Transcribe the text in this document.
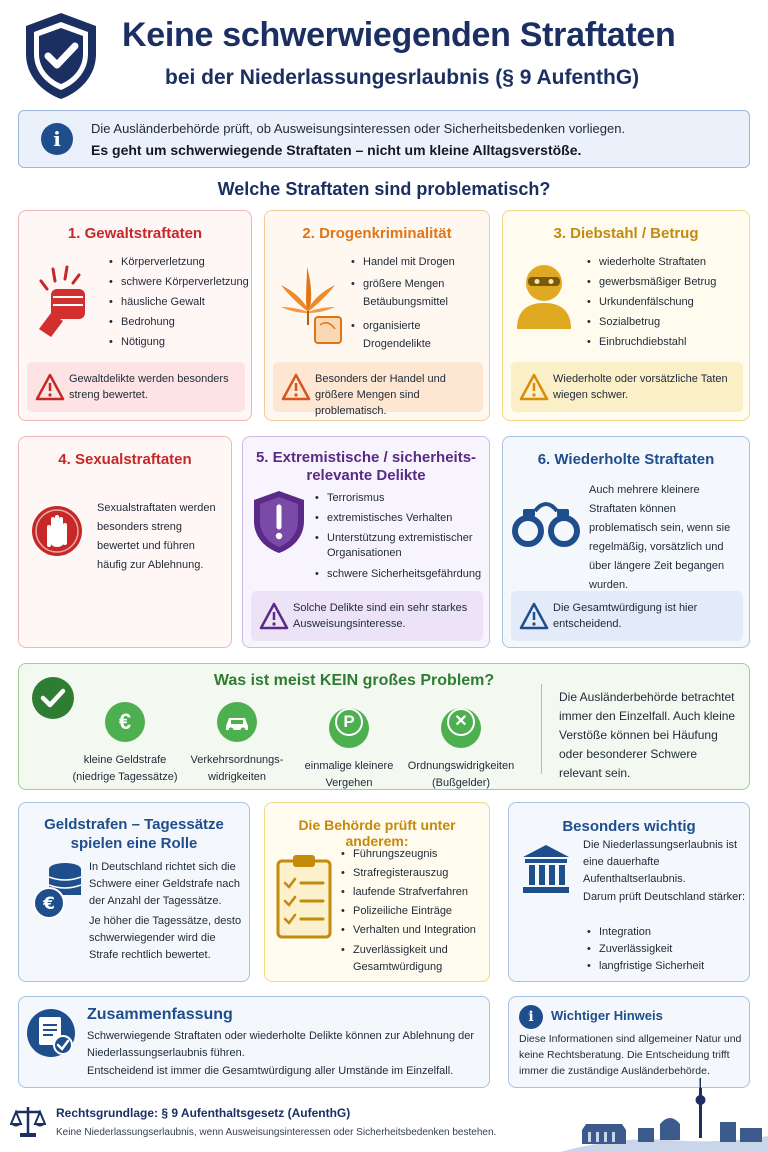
Keine schwerwiegenden Straftaten
bei der Niederlassungesrlaubnis (§ 9 AufenthG)
i	Die Ausländerbehörde prüft, ob Ausweisungsinteressen oder Sicherheitsbedenken vorliegen.
Es geht um schwerwiegende Straftaten – nicht um kleine Alltagsverstöße.
Welche Straftaten sind problematisch?
1. Gewaltstraftaten
• Körperverletzung
• schwere Körperverletzung
• häusliche Gewalt
• Bedrohung
• Nötigung
Gewaltdelikte werden besonders streng bewertet.
2. Drogenkriminalität
• Handel mit Drogen
• größere Mengen Betäubungsmittel
• organisierte Drogendelikte
Besonders der Handel und größere Mengen sind problematisch.
3. Diebstahl / Betrug
• wiederholte Straftaten
• gewerbsmäßiger Betrug
• Urkundenfälschung
• Sozialbetrug
• Einbruchdiebstahl
Wiederholte oder vorsätzliche Taten wiegen schwer.
4. Sexualstraftaten
Sexualstraftaten werden besonders streng bewertet und führen häufig zur Ablehnung.
5. Extremistische / sicherheits-
relevante Delikte
• Terrorismus
• extremistisches Verhalten
• Unterstützung extremistischer Organisationen
• schwere Sicherheitsgefährdung
Solche Delikte sind ein sehr starkes Ausweisungsinteresse.
6. Wiederholte Straftaten
Auch mehrere kleinere Straftaten können problematisch sein, wenn sie regelmäßig, vorsätzlich und über längere Zeit begangen wurden.
Die Gesamtwürdigung ist hier entscheidend.
Was ist meist KEIN großes Problem?
€
kleine Geldstrafe (niedrige Tagessätze)
Verkehrsordnungs-widrigkeiten
P
einmalige kleinere Vergehen
✕
Ordnungswidrigkeiten (Bußgelder)
Die Ausländerbehörde betrachtet immer den Einzelfall. Auch kleine Verstöße können bei Häufung oder besonderer Schwere relevant sein.
Geldstrafen – Tagessätze
spielen eine Rolle
€
In Deutschland richtet sich die Schwere einer Geldstrafe nach der Anzahl der Tagessätze.
Je höher die Tagessätze, desto schwerwiegender wird die Strafe rechtlich bewertet.
Die Behörde prüft unter anderem:
• Führungszeugnis
• Strafregisterauszug
• laufende Strafverfahren
• Polizeiliche Einträge
• Verhalten und Integration
• Zuverlässigkeit und Gesamtwürdigung
Besonders wichtig
Die Niederlassungserlaubnis ist eine dauerhafte Aufenthaltserlaubnis.
Darum prüft Deutschland stärker:
• Integration
• Zuverlässigkeit
• langfristige Sicherheit
Zusammenfassung
Schwerwiegende Straftaten oder wiederholte Delikte können zur Ablehnung der Niederlassungserlaubnis führen.
Entscheidend ist immer die Gesamtwürdigung aller Umstände im Einzelfall.
i	Wichtiger Hinweis
Diese Informationen sind allgemeiner Natur und keine Rechtsberatung. Die Entscheidung trifft immer die zuständige Ausländerbehörde.
Rechtsgrundlage: § 9 Aufenthaltsgesetz (AufenthG)
Keine Niederlassungserlaubnis, wenn Ausweisungsinteressen oder Sicherheitsbedenken bestehen.
